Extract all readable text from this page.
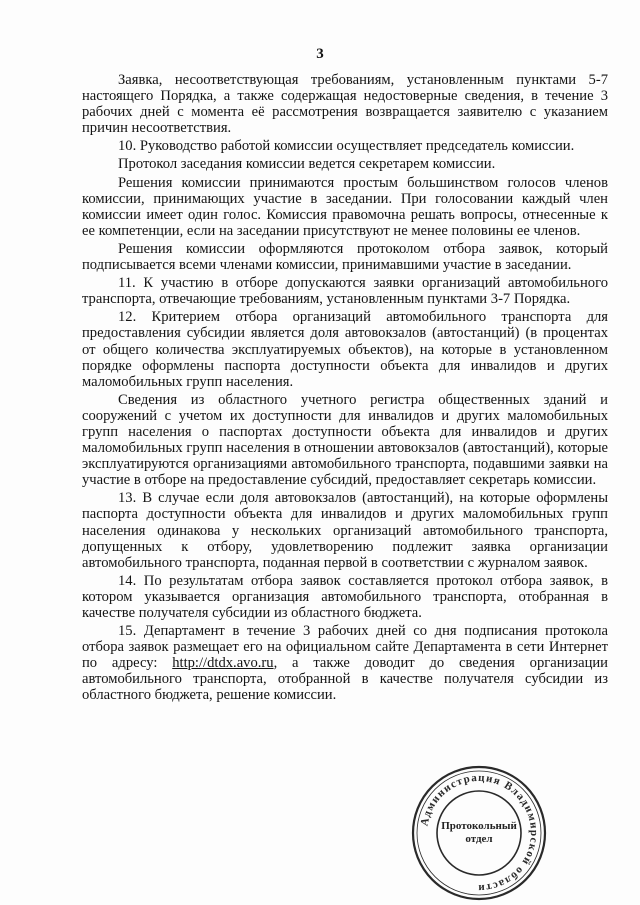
3

Заявка, несоответствующая требованиям, установленным пунктами 5-7 настоящего Порядка, а также содержащая недостоверные сведения, в течение 3 рабочих дней с момента её рассмотрения возвращается заявителю с указанием причин несоответствия.

10. Руководство работой комиссии осуществляет председатель комиссии.

Протокол заседания комиссии ведется секретарем комиссии.

Решения комиссии принимаются простым большинством голосов членов комиссии, принимающих участие в заседании. При голосовании каждый член комиссии имеет один голос. Комиссия правомочна решать вопросы, отнесенные к ее компетенции, если на заседании присутствуют не менее половины ее членов.

Решения комиссии оформляются протоколом отбора заявок, который подписывается всеми членами комиссии, принимавшими участие в заседании.

11. К участию в отборе допускаются заявки организаций автомобильного транспорта, отвечающие требованиям, установленным пунктами 3-7 Порядка.

12. Критерием отбора организаций автомобильного транспорта для предоставления субсидии является доля автовокзалов (автостанций) (в процентах от общего количества эксплуатируемых объектов), на которые в установленном порядке оформлены паспорта доступности объекта для инвалидов и других маломобильных групп населения.

Сведения из областного учетного регистра общественных зданий и сооружений с учетом их доступности для инвалидов и других маломобильных групп населения о паспортах доступности объекта для инвалидов и других маломобильных групп населения в отношении автовокзалов (автостанций), которые эксплуатируются организациями автомобильного транспорта, подавшими заявки на участие в отборе на предоставление субсидий, предоставляет секретарь комиссии.

13. В случае если доля автовокзалов (автостанций), на которые оформлены паспорта доступности объекта для инвалидов и других маломобильных групп населения одинакова у нескольких организаций автомобильного транспорта, допущенных к отбору, удовлетворению подлежит заявка организации автомобильного транспорта, поданная первой в соответствии с журналом заявок.

14. По результатам отбора заявок составляется протокол отбора заявок, в котором указывается организация автомобильного транспорта, отобранная в качестве получателя субсидии из областного бюджета.

15. Департамент в течение 3 рабочих дней со дня подписания протокола отбора заявок размещает его на официальном сайте Департамента в сети Интернет по адресу: http://dtdx.avo.ru, а также доводит до сведения организации автомобильного транспорта, отобранной в качестве получателя субсидии из областного бюджета, решение комиссии.

Администрация Владимирской области
Протокольный
отдел
